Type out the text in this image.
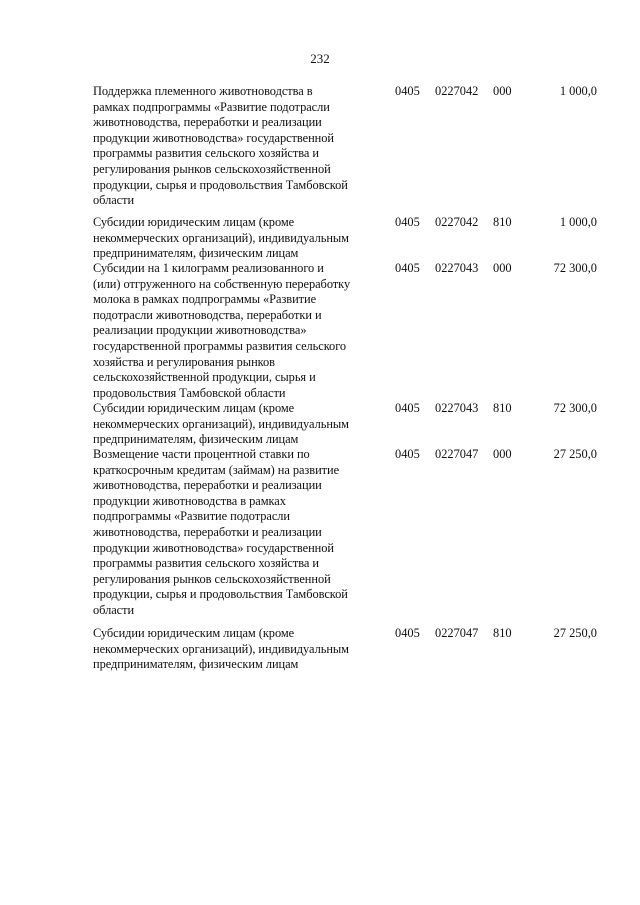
232
Поддержка племенного животноводства в
рамках подпрограммы «Развитие подотрасли
животноводства, переработки и реализации
продукции животноводства» государственной
программы развития сельского хозяйства и
регулирования рынков сельскохозяйственной
продукции, сырья и продовольствия Тамбовской
области
0405 0227042 000	1 000,0
Субсидии юридическим лицам (кроме
некоммерческих организаций), индивидуальным
предпринимателям, физическим лицам
0405 0227042 810	1 000,0
Субсидии на 1 килограмм реализованного и
(или) отгруженного на собственную переработку
молока в рамках подпрограммы «Развитие
подотрасли животноводства, переработки и
реализации продукции животноводства»
государственной программы развития сельского
хозяйства и регулирования рынков
сельскохозяйственной продукции, сырья и
продовольствия Тамбовской области
0405 0227043 000	72 300,0
Субсидии юридическим лицам (кроме
некоммерческих организаций), индивидуальным
предпринимателям, физическим лицам
0405 0227043 810	72 300,0
Возмещение части процентной ставки по
краткосрочным кредитам (займам) на развитие
животноводства, переработки и реализации
продукции животноводства в рамках
подпрограммы «Развитие подотрасли
животноводства, переработки и реализации
продукции животноводства» государственной
программы развития сельского хозяйства и
регулирования рынков сельскохозяйственной
продукции, сырья и продовольствия Тамбовской
области
0405 0227047 000	27 250,0
Субсидии юридическим лицам (кроме
некоммерческих организаций), индивидуальным
предпринимателям, физическим лицам
0405 0227047 810	27 250,0
